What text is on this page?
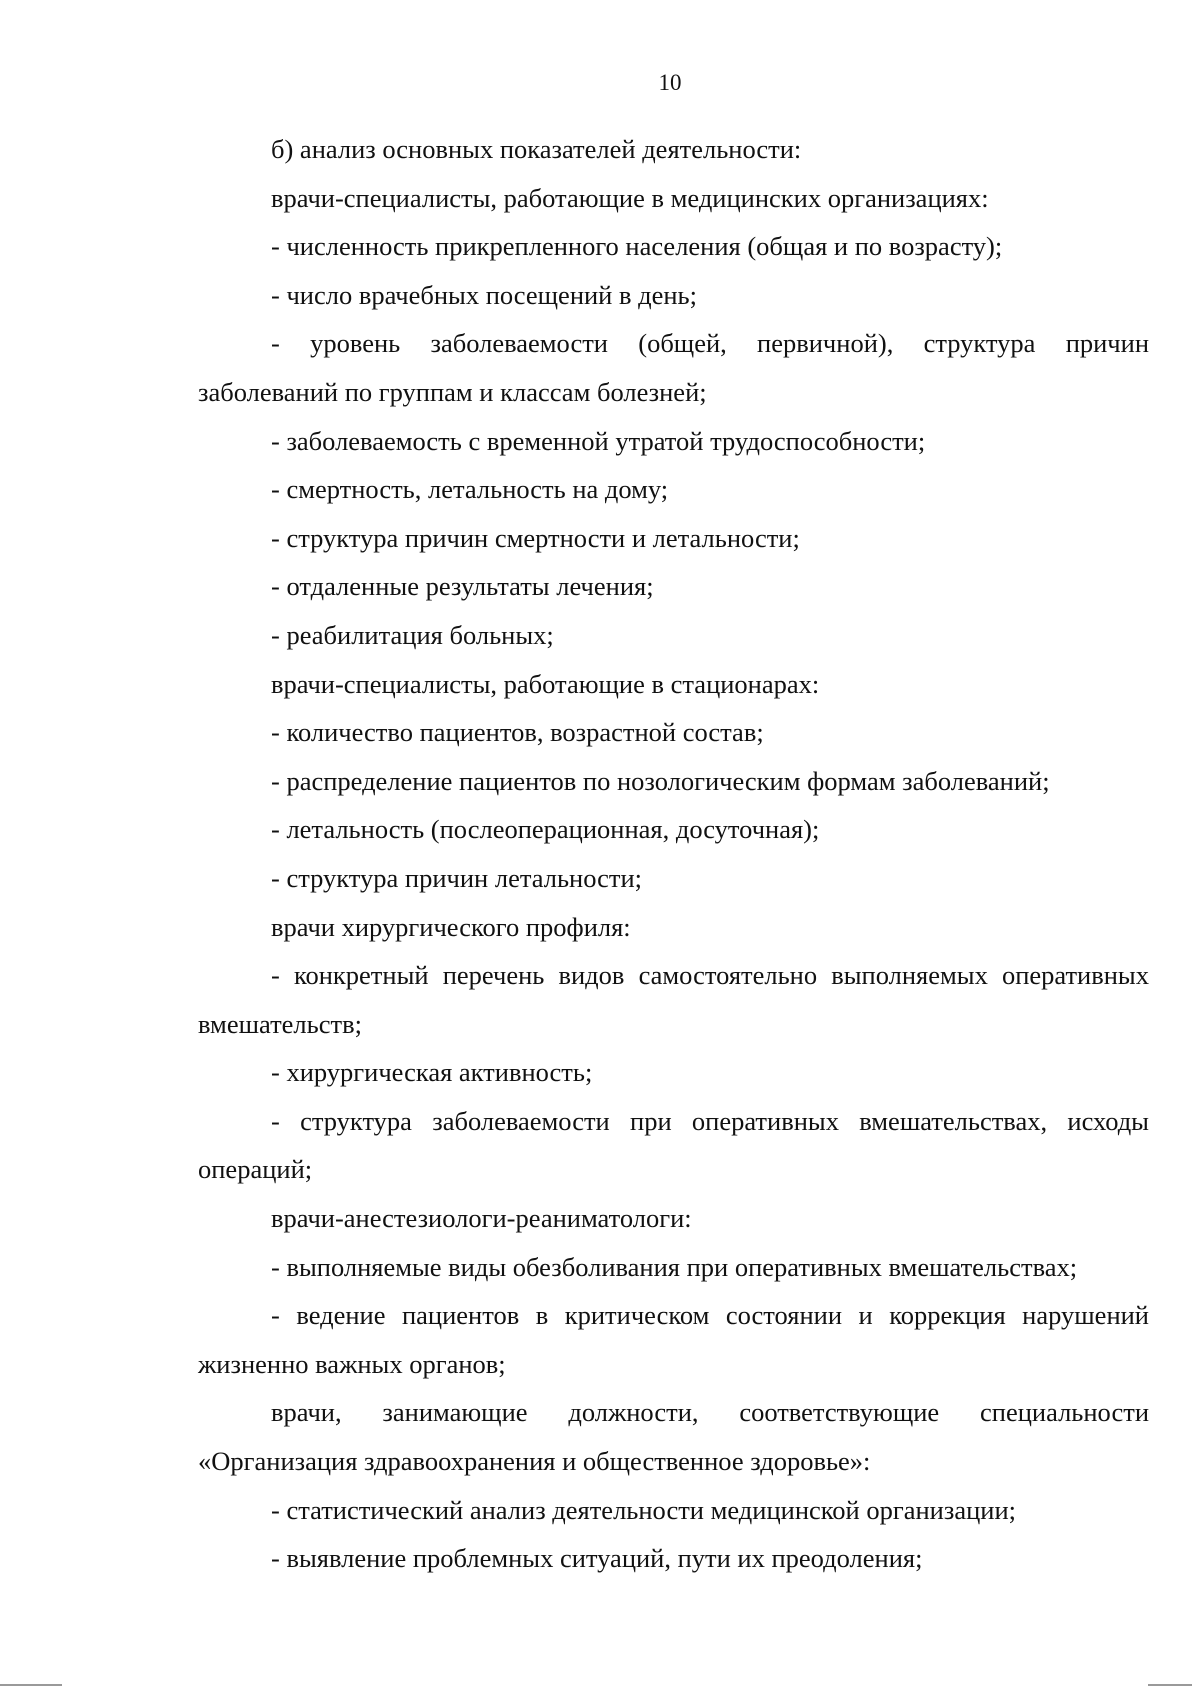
10

б) анализ основных показателей деятельности:

врачи-специалисты, работающие в медицинских организациях:

- численность прикрепленного населения (общая и по возрасту);

- число врачебных посещений в день;

- уровень заболеваемости (общей, первичной), структура причин заболеваний по группам и классам болезней;

- заболеваемость с временной утратой трудоспособности;

- смертность, летальность на дому;

- структура причин смертности и летальности;

- отдаленные результаты лечения;

- реабилитация больных;

врачи-специалисты, работающие в стационарах:

- количество пациентов, возрастной состав;

- распределение пациентов по нозологическим формам заболеваний;

- летальность (послеоперационная, досуточная);

- структура причин летальности;

врачи хирургического профиля:

- конкретный перечень видов самостоятельно выполняемых оперативных вмешательств;

- хирургическая активность;

- структура заболеваемости при оперативных вмешательствах, исходы операций;

врачи-анестезиологи-реаниматологи:

- выполняемые виды обезболивания при оперативных вмешательствах;

- ведение пациентов в критическом состоянии и коррекция нарушений жизненно важных органов;

врачи, занимающие должности, соответствующие специальности «Организация здравоохранения и общественное здоровье»:

- статистический анализ деятельности медицинской организации;

- выявление проблемных ситуаций, пути их преодоления;
